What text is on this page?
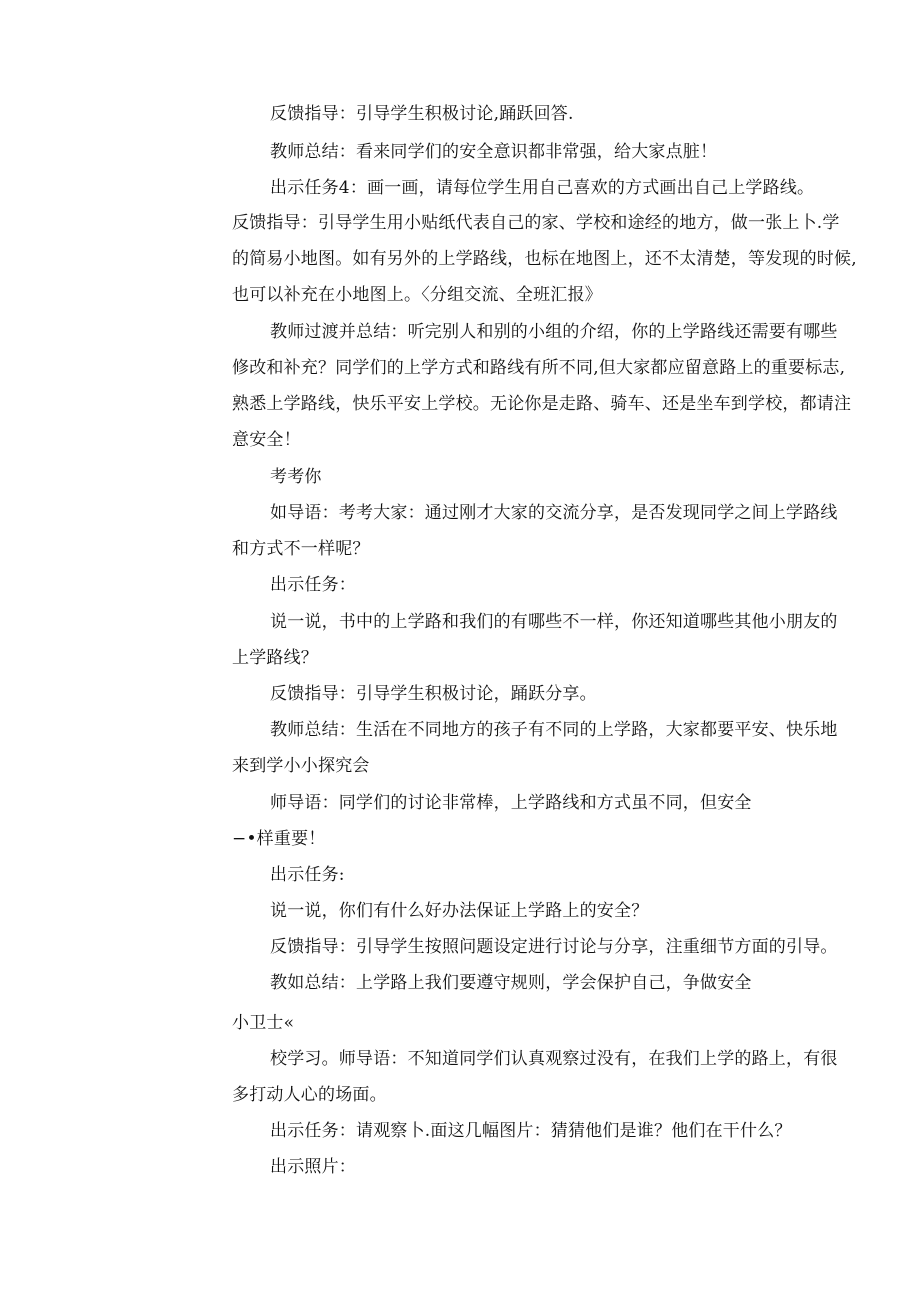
反馈指导：引导学生积极讨论,踊跃回答.
教师总结：看来同学们的安全意识都非常强，给大家点脏！
出示任务4：画一画，请每位学生用自己喜欢的方式画出自己上学路线。
反馈指导：引导学生用小贴纸代表自己的家、学校和途经的地方，做一张上卜.学
的简易小地图。如有另外的上学路线，也标在地图上，还不太清楚，等发现的时候,
也可以补充在小地图上。〈分组交流、全班汇报》
教师过渡并总结：听完别人和别的小组的介绍，你的上学路线还需要有哪些
修改和补充？同学们的上学方式和路线有所不同,但大家都应留意路上的重要标志,
熟悉上学路线，快乐平安上学校。无论你是走路、骑车、还是坐车到学校，都请注
意安全！
考考你
如导语：考考大家：通过刚才大家的交流分享，是否发现同学之间上学路线
和方式不一样呢？
出示任务：
说一说，书中的上学路和我们的有哪些不一样，你还知道哪些其他小朋友的
上学路线？
反馈指导：引导学生积极讨论，踊跃分享。
教师总结：生活在不同地方的孩子有不同的上学路，大家都要平安、快乐地
来到学小小探究会
师导语：同学们的讨论非常棒，上学路线和方式虽不同，但安全
−•样重要！
出示任务:
说一说，你们有什么好办法保证上学路上的安全？
反馈指导：引导学生按照问题设定进行讨论与分享，注重细节方面的引导。
教如总结：上学路上我们要遵守规则，学会保护自己，争做安全
小卫士«
校学习。师导语：不知道同学们认真观察过没有，在我们上学的路上，有很
多打动人心的场面。
出示任务：请观察卜.面这几幅图片：猜猜他们是谁？他们在干什么？
出示照片：
